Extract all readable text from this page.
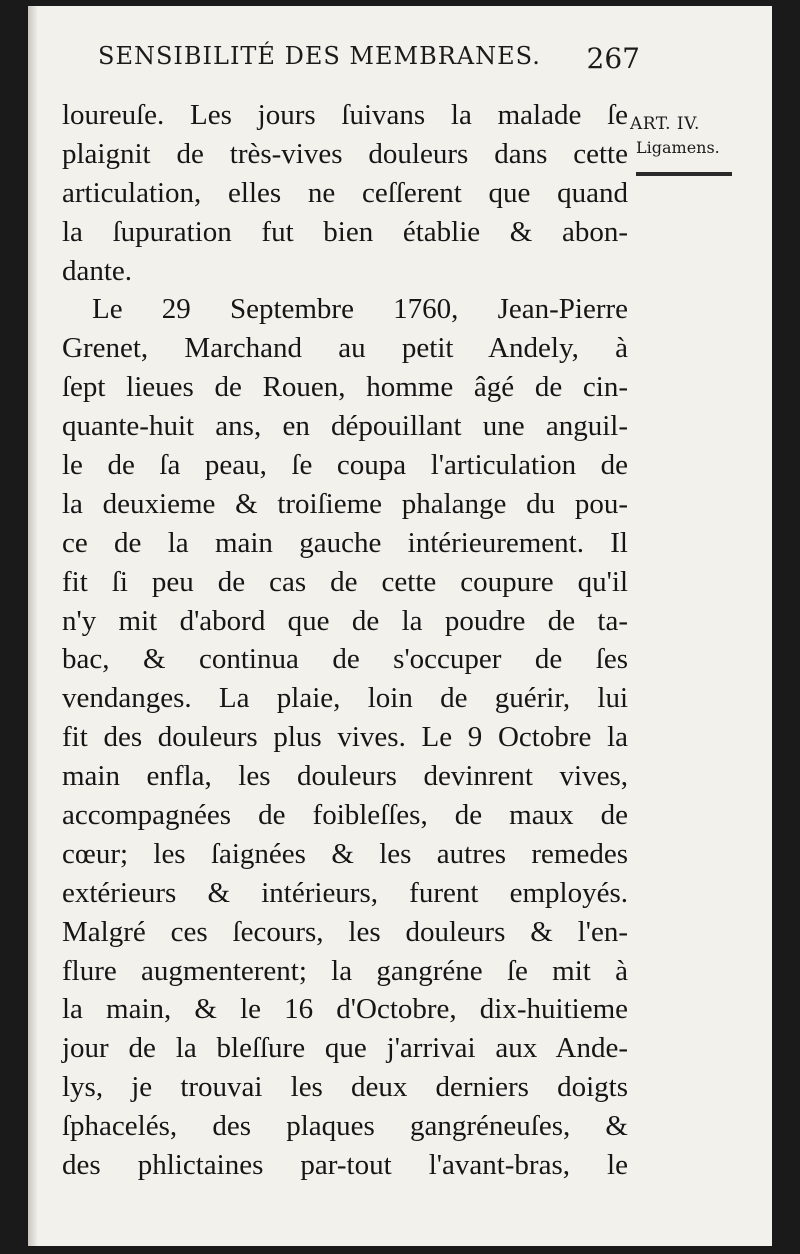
SENSIBILITÉ DES MEMBRANES. 267
ART. IV.
Ligamens.
loureuſe. Les jours ſuivans la malade ſe
plaignit de très-vives douleurs dans cette
articulation, elles ne ceſſerent que quand
la ſupuration fut bien établie & abon-
dante.
Le 29 Septembre 1760, Jean-Pierre
Grenet, Marchand au petit Andely, à
ſept lieues de Rouen, homme âgé de cin-
quante-huit ans, en dépouillant une anguil-
le de ſa peau, ſe coupa l'articulation de
la deuxieme & troiſieme phalange du pou-
ce de la main gauche intérieurement. Il
fit ſi peu de cas de cette coupure qu'il
n'y mit d'abord que de la poudre de ta-
bac, & continua de s'occuper de ſes
vendanges. La plaie, loin de guérir, lui
fit des douleurs plus vives. Le 9 Octobre la
main enfla, les douleurs devinrent vives,
accompagnées de foibleſſes, de maux de
cœur; les ſaignées & les autres remedes
extérieurs & intérieurs, furent employés.
Malgré ces ſecours, les douleurs & l'en-
flure augmenterent; la gangréne ſe mit à
la main, & le 16 d'Octobre, dix-huitieme
jour de la bleſſure que j'arrivai aux Ande-
lys, je trouvai les deux derniers doigts
ſphacelés, des plaques gangréneuſes, &
des phlictaines par-tout l'avant-bras, le
